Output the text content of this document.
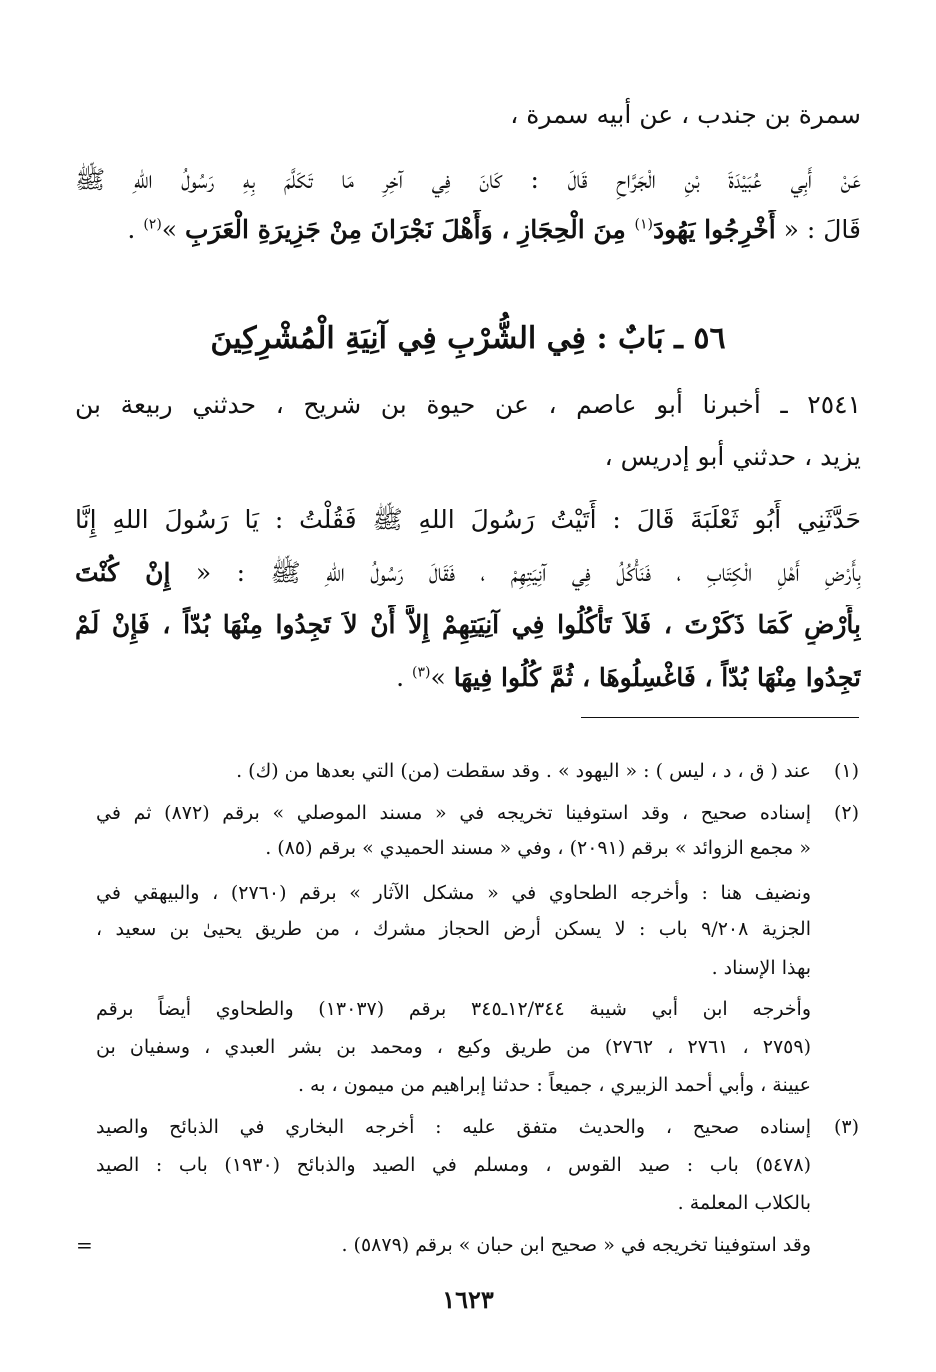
سمرة بن جندب ، عن أبيه سمرة ،
عَنْ أَبِي عُبَيْدَةَ بْنِ الْجَرَّاحِ قَالَ : كَانَ فِي آخِرِ مَا تَكَلَّمَ بِهِ رَسُولُ اللهِ ﷺ
قَالَ : « أَخْرِجُوا يَهُودَ$^{(١)}$ مِنَ الْحِجَازِ ، وَأَهْلَ نَجْرَانَ مِنْ جَزِيرَةِ الْعَرَبِ »$^{(٢)}$ .
٥٦ ـ بَابٌ : فِي الشُّرْبِ فِي آنِيَةِ الْمُشْرِكِينَ
٢٥٤١ ـ أخبرنا أبو عاصم ، عن حيوة بن شريح ، حدثني ربيعة بن
يزيد ، حدثني أبو إدريس ،
حَدَّثَنِي أَبُو ثَعْلَبَةَ قَالَ : أَتَيْتُ رَسُولَ اللهِ ﷺ فَقُلْتُ : يَا رَسُولَ اللهِ إِنَّا
بِأَرْضِ أَهْلِ الْكِتَابِ ، فَنَأْكُلُ فِي آنِيَتِهِمْ ، فَقَالَ رَسُولُ اللهِ ﷺ : « إِنْ كُنْتَ
بِأَرْضٍ كَمَا ذَكَرْتَ ، فَلاَ تَأْكُلُوا فِي آنِيَتِهِمْ إِلاَّ أَنْ لاَ تَجِدُوا مِنْهَا بُدّاً ، فَإِنْ لَمْ
تَجِدُوا مِنْهَا بُدّاً ، فَاغْسِلُوهَا ، ثُمَّ كُلُوا فِيهَا »$^{(٣)}$ .
(١)
عند ( ق ، د ، ليس ) : « اليهود » . وقد سقطت (من) التي بعدها من (ك) .
(٢)
إسناده صحيح ، وقد استوفينا تخريجه في « مسند الموصلي » برقم (٨٧٢) ثم في
« مجمع الزوائد » برقم (٢٠٩١) ، وفي « مسند الحميدي » برقم (٨٥) .
ونضيف هنا : وأخرجه الطحاوي في « مشكل الآثار » برقم (٢٧٦٠) ، والبيهقي في
الجزية ٩/٢٠٨ باب : لا يسكن أرض الحجاز مشرك ، من طريق يحيىٰ بن سعيد ،
بهذا الإسناد .
وأخرجه ابن أبي شيبة ١٢/٣٤٤ـ٣٤٥ برقم (١٣٠٣٧) والطحاوي أيضاً برقم
(٢٧٥٩ ، ٢٧٦١ ، ٢٧٦٢) من طريق وكيع ، ومحمد بن بشر العبدي ، وسفيان بن
عيينة ، وأبي أحمد الزبيري ، جميعاً : حدثنا إبراهيم من ميمون ، به .
(٣)
إسناده صحيح ، والحديث متفق عليه : أخرجه البخاري في الذبائح والصيد
(٥٤٧٨) باب : صيد القوس ، ومسلم في الصيد والذبائح (١٩٣٠) باب : الصيد
بالكلاب المعلمة .
وقد استوفينا تخريجه في « صحيح ابن حبان » برقم (٥٨٧٩) .
=
١٦٢٣
